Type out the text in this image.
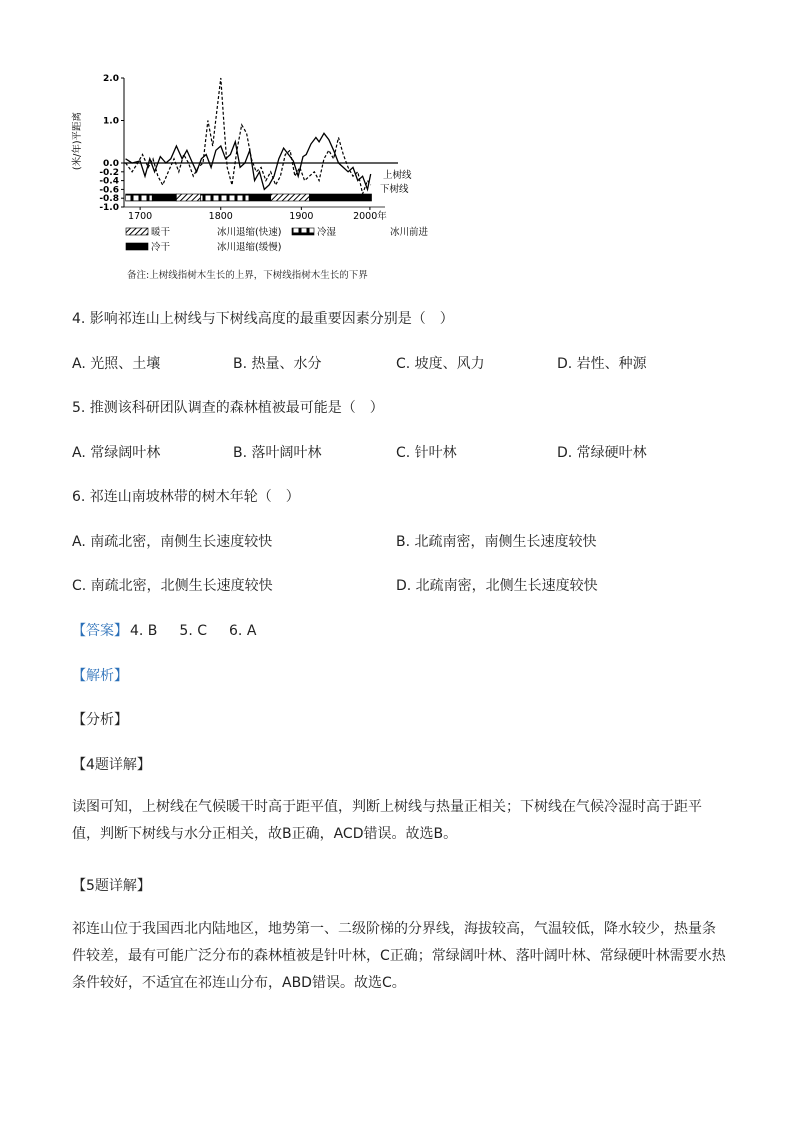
2.0
1.0
0.0
-0.2
-0.4
-0.6
-0.8
-1.0
(米/年)平距离
上树线
下树线
1700	1800	1900	2000年
暖干	冰川退缩(快速)	冷湿	冰川前进
冷干	冰川退缩(缓慢)
备注:上树线指树木生长的上界，下树线指树木生长的下界
4. 影响祁连山上树线与下树线高度的最重要因素分别是（　）
A. 光照、土壤	B. 热量、水分	C. 坡度、风力	D. 岩性、种源
5. 推测该科研团队调查的森林植被最可能是（　）
A. 常绿阔叶林	B. 落叶阔叶林	C. 针叶林	D. 常绿硬叶林
6. 祁连山南坡林带的树木年轮（　）
A. 南疏北密，南侧生长速度较快	B. 北疏南密，南侧生长速度较快
C. 南疏北密，北侧生长速度较快	D. 北疏南密，北侧生长速度较快
【答案】 4. B 5. C 6. A
【解析】
【分析】
【4题详解】

读图可知，上树线在气候暖干时高于距平值，判断上树线与热量正相关；下树线在气候冷湿时高于距平值，判断下树线与水分正相关，故B正确，ACD错误。故选B。

【5题详解】

祁连山位于我国西北内陆地区，地势第一、二级阶梯的分界线，海拔较高，气温较低，降水较少，热量条件较差，最有可能广泛分布的森林植被是针叶林，C正确；常绿阔叶林、落叶阔叶林、常绿硬叶林需要水热条件较好，不适宜在祁连山分布，ABD错误。故选C。
